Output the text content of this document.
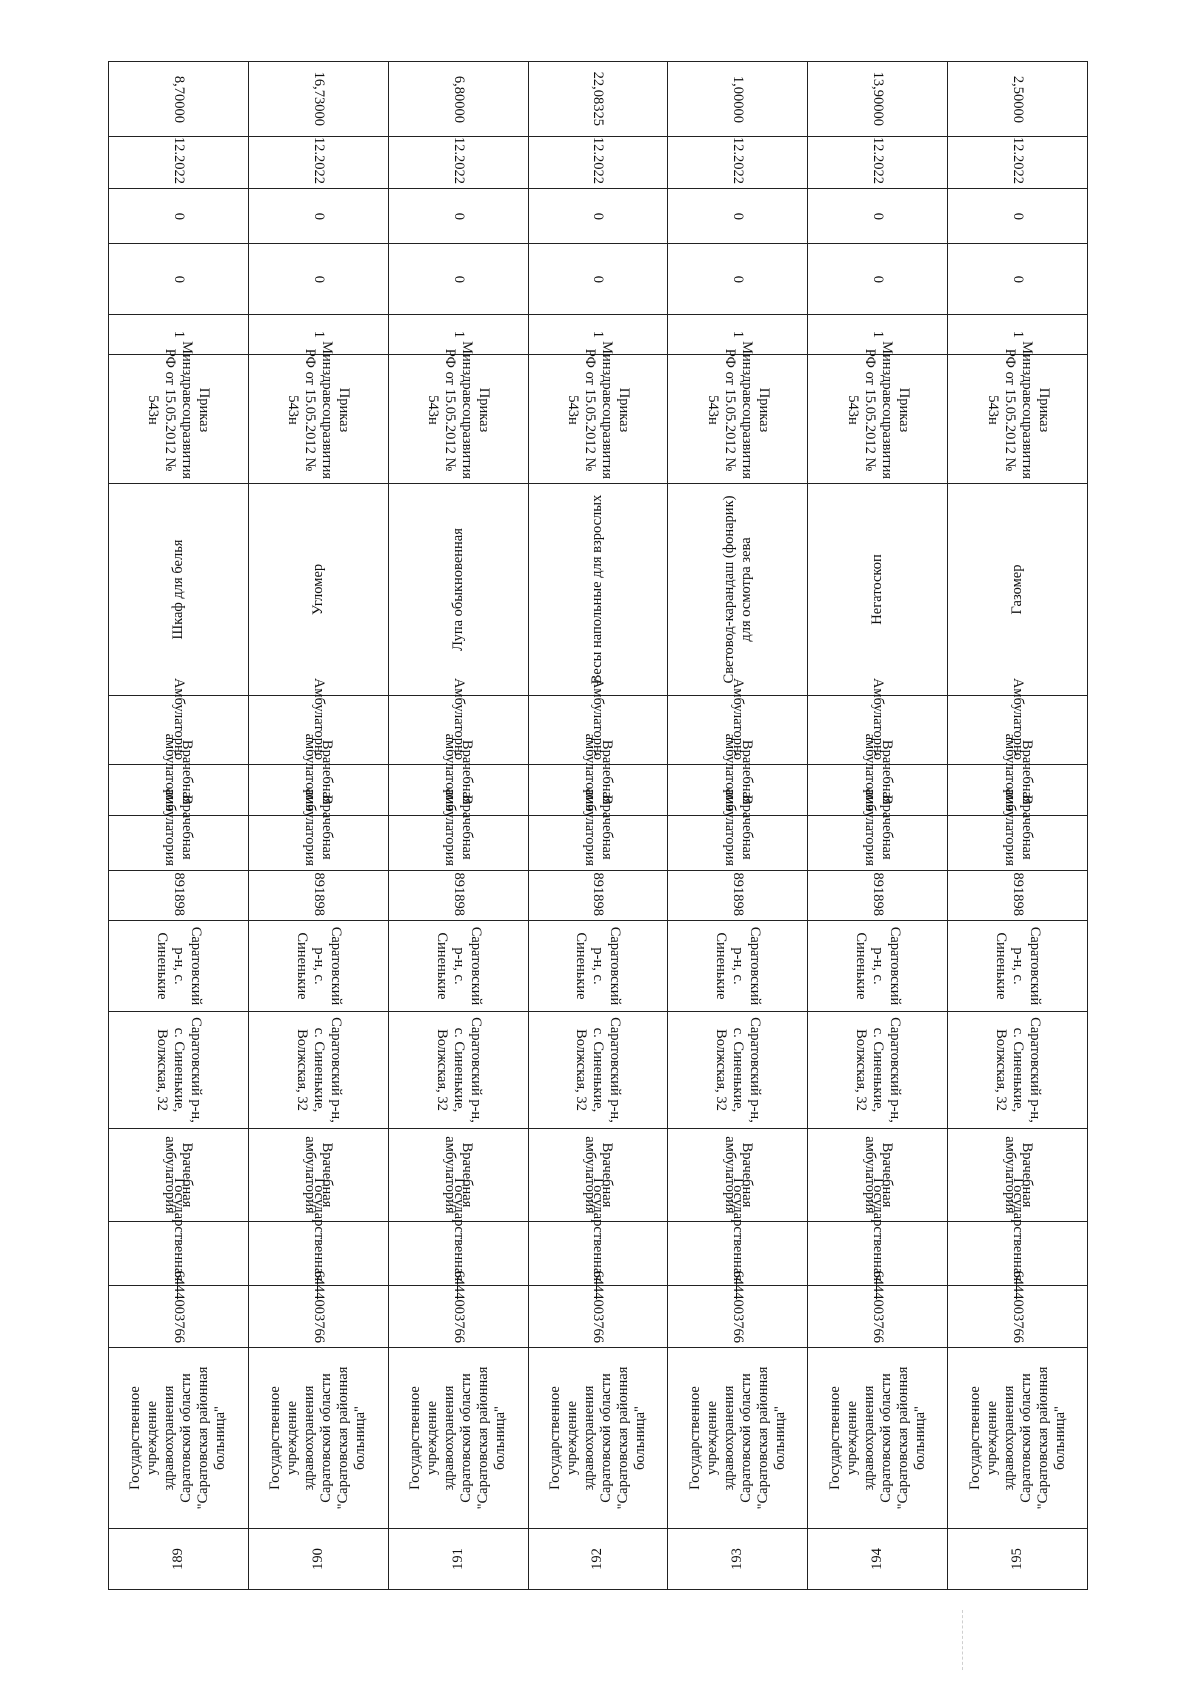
189	Государственное учреждение здравоохранения Саратовской области "Саратовская районная больница"	6444003766	Государственная	Врачебная амбулатория	Саратовский р-н, с. Синенькие, Волжская, 32	Саратовский р-н, с. Синенькие	891898	Врачебная амбулатория	Врачебная амбулатория	Амбулаторно	Шкаф для белья	Приказ Минздравсоцразвития РФ от 15.05.2012 № 543н	1	0	0	12.2022	8,70000
190	Государственное учреждение здравоохранения Саратовской области "Саратовская районная больница"	6444003766	Государственная	Врачебная амбулатория	Саратовский р-н, с. Синенькие, Волжская, 32	Саратовский р-н, с. Синенькие	891898	Врачебная амбулатория	Врачебная амбулатория	Амбулаторно	Угломер	Приказ Минздравсоцразвития РФ от 15.05.2012 № 543н	1	0	0	12.2022	16,73000
191	Государственное учреждение здравоохранения Саратовской области "Саратовская районная больница"	6444003766	Государственная	Врачебная амбулатория	Саратовский р-н, с. Синенькие, Волжская, 32	Саратовский р-н, с. Синенькие	891898	Врачебная амбулатория	Врачебная амбулатория	Амбулаторно	Лупа обыкновенная	Приказ Минздравсоцразвития РФ от 15.05.2012 № 543н	1	0	0	12.2022	6,80000
192	Государственное учреждение здравоохранения Саратовской области "Саратовская районная больница"	6444003766	Государственная	Врачебная амбулатория	Саратовский р-н, с. Синенькие, Волжская, 32	Саратовский р-н, с. Синенькие	891898	Врачебная амбулатория	Врачебная амбулатория	Амбулаторно	Весы напольные для взрослых	Приказ Минздравсоцразвития РФ от 15.05.2012 № 543н	1	0	0	12.2022	22,08325
193	Государственное учреждение здравоохранения Саратовской области "Саратовская районная больница"	6444003766	Государственная	Врачебная амбулатория	Саратовский р-н, с. Синенькие, Волжская, 32	Саратовский р-н, с. Синенькие	891898	Врачебная амбулатория	Врачебная амбулатория	Амбулаторно	Световод-карандаш (фонарик) для осмотра зева	Приказ Минздравсоцразвития РФ от 15.05.2012 № 543н	1	0	0	12.2022	1,00000
194	Государственное учреждение здравоохранения Саратовской области "Саратовская районная больница"	6444003766	Государственная	Врачебная амбулатория	Саратовский р-н, с. Синенькие, Волжская, 32	Саратовский р-н, с. Синенькие	891898	Врачебная амбулатория	Врачебная амбулатория	Амбулаторно	Негатоскоп	Приказ Минздравсоцразвития РФ от 15.05.2012 № 543н	1	0	0	12.2022	13,90000
195	Государственное учреждение здравоохранения Саратовской области "Саратовская районная больница"	6444003766	Государственная	Врачебная амбулатория	Саратовский р-н, с. Синенькие, Волжская, 32	Саратовский р-н, с. Синенькие	891898	Врачебная амбулатория	Врачебная амбулатория	Амбулаторно	Газомер	Приказ Минздравсоцразвития РФ от 15.05.2012 № 543н	1	0	0	12.2022	2,50000
